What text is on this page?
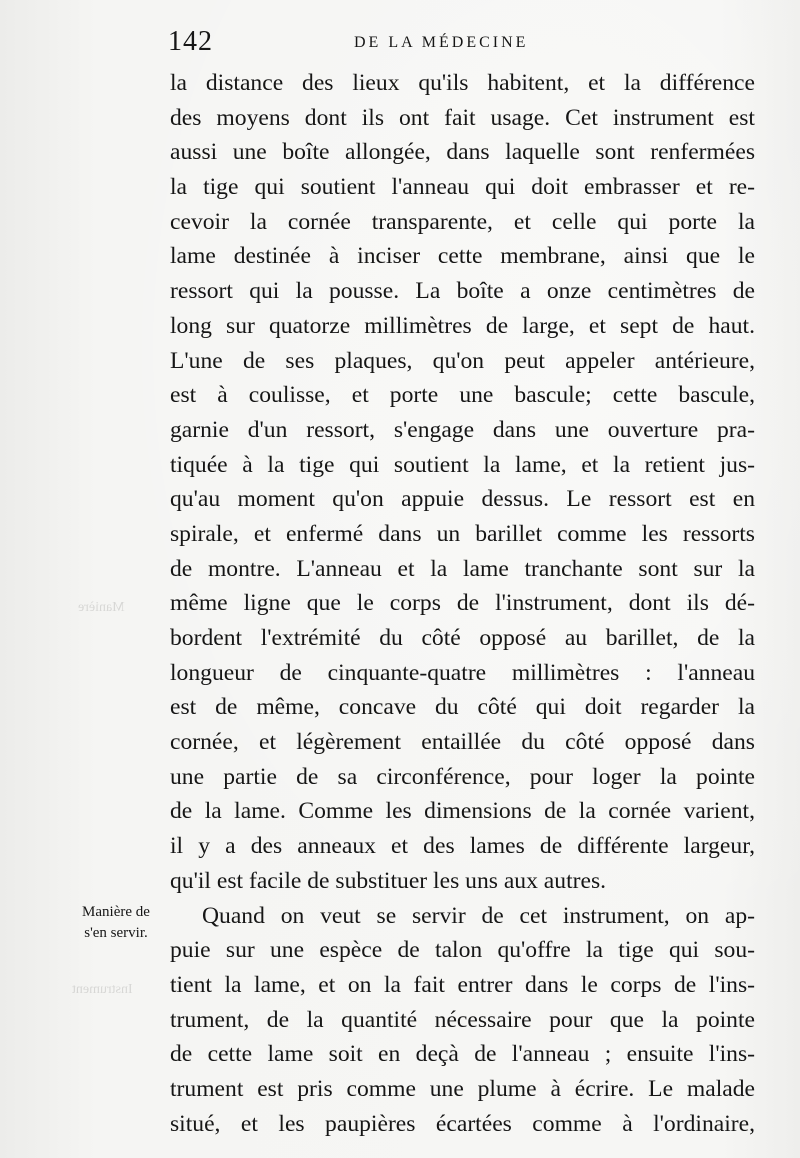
142	DE LA MÉDECINE
Manière
Instrument
la distance des lieux qu'ils habitent, et la différence
des moyens dont ils ont fait usage. Cet instrument est
aussi une boîte allongée, dans laquelle sont renfermées
la tige qui soutient l'anneau qui doit embrasser et re-
cevoir la cornée transparente, et celle qui porte la
lame destinée à inciser cette membrane, ainsi que le
ressort qui la pousse. La boîte a onze centimètres de
long sur quatorze millimètres de large, et sept de haut.
L'une de ses plaques, qu'on peut appeler antérieure,
est à coulisse, et porte une bascule; cette bascule,
garnie d'un ressort, s'engage dans une ouverture pra-
tiquée à la tige qui soutient la lame, et la retient jus-
qu'au moment qu'on appuie dessus. Le ressort est en
spirale, et enfermé dans un barillet comme les ressorts
de montre. L'anneau et la lame tranchante sont sur la
même ligne que le corps de l'instrument, dont ils dé-
bordent l'extrémité du côté opposé au barillet, de la
longueur de cinquante-quatre millimètres : l'anneau
est de même, concave du côté qui doit regarder la
cornée, et légèrement entaillée du côté opposé dans
une partie de sa circonférence, pour loger la pointe
de la lame. Comme les dimensions de la cornée varient,
il y a des anneaux et des lames de différente largeur,
qu'il est facile de substituer les uns aux autres.
Quand on veut se servir de cet instrument, on ap-
puie sur une espèce de talon qu'offre la tige qui sou-
tient la lame, et on la fait entrer dans le corps de l'ins-
trument, de la quantité nécessaire pour que la pointe
de cette lame soit en deçà de l'anneau ; ensuite l'ins-
trument est pris comme une plume à écrire. Le malade
situé, et les paupières écartées comme à l'ordinaire,
Manière de
s'en servir.
